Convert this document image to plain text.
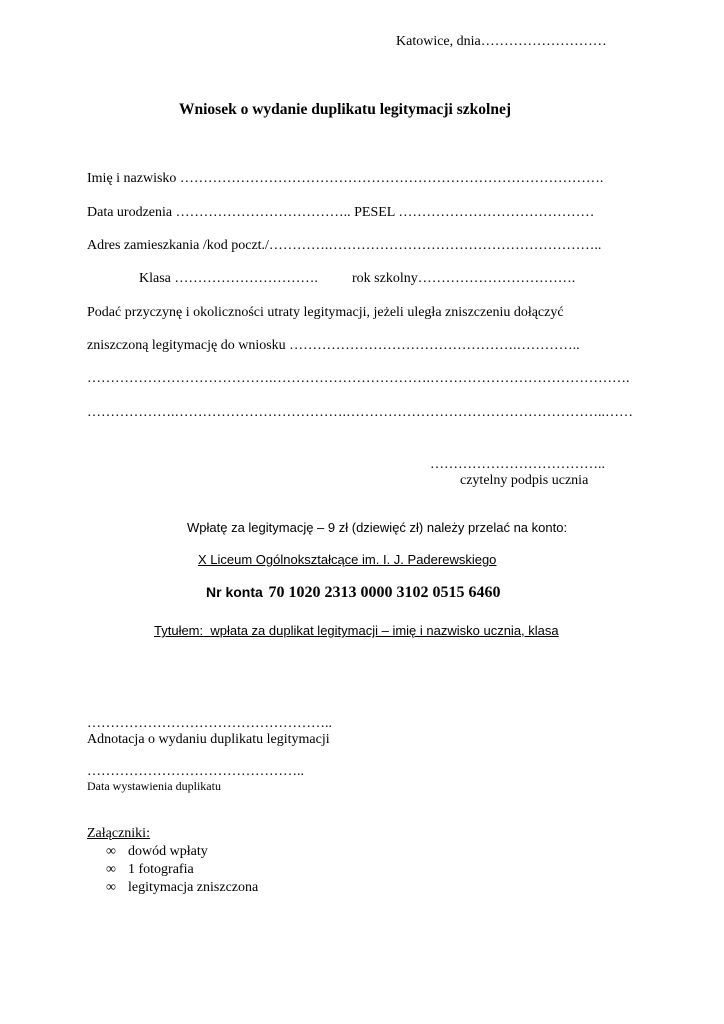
Katowice, dnia………………………
Wniosek o wydanie duplikatu legitymacji szkolnej
Imię i nazwisko ……………………………………………………………………………….
Data urodzenia ……………………………….. PESEL ……………………………………
Adres zamieszkania /kod poczt./………….…………………………………………………..
Klasa …………………………. rok szkolny…………………………….
Podać przyczynę i okoliczności utraty legitymacji, jeżeli uległa zniszczeniu dołączyć
zniszczoną legitymację do wniosku ………………………………………….…………..
………………………………….…………………………….…………………………………….
……………….……………………………….………………………………………………..……
………………………………..
czytelny podpis ucznia
Wpłatę za legitymację – 9 zł (dziewięć zł) należy przelać na konto:
X Liceum Ogólnokształcące im. I. J. Paderewskiego
Nr konta 70 1020 2313 0000 3102 0515 6460
Tytułem: wpłata za duplikat legitymacji – imię i nazwisko ucznia, klasa
……………………………………………..
Adnotacja o wydaniu duplikatu legitymacji
………………………………………..
Data wystawienia duplikatu
Załączniki:
∞ dowód wpłaty
∞ 1 fotografia
∞ legitymacja zniszczona
